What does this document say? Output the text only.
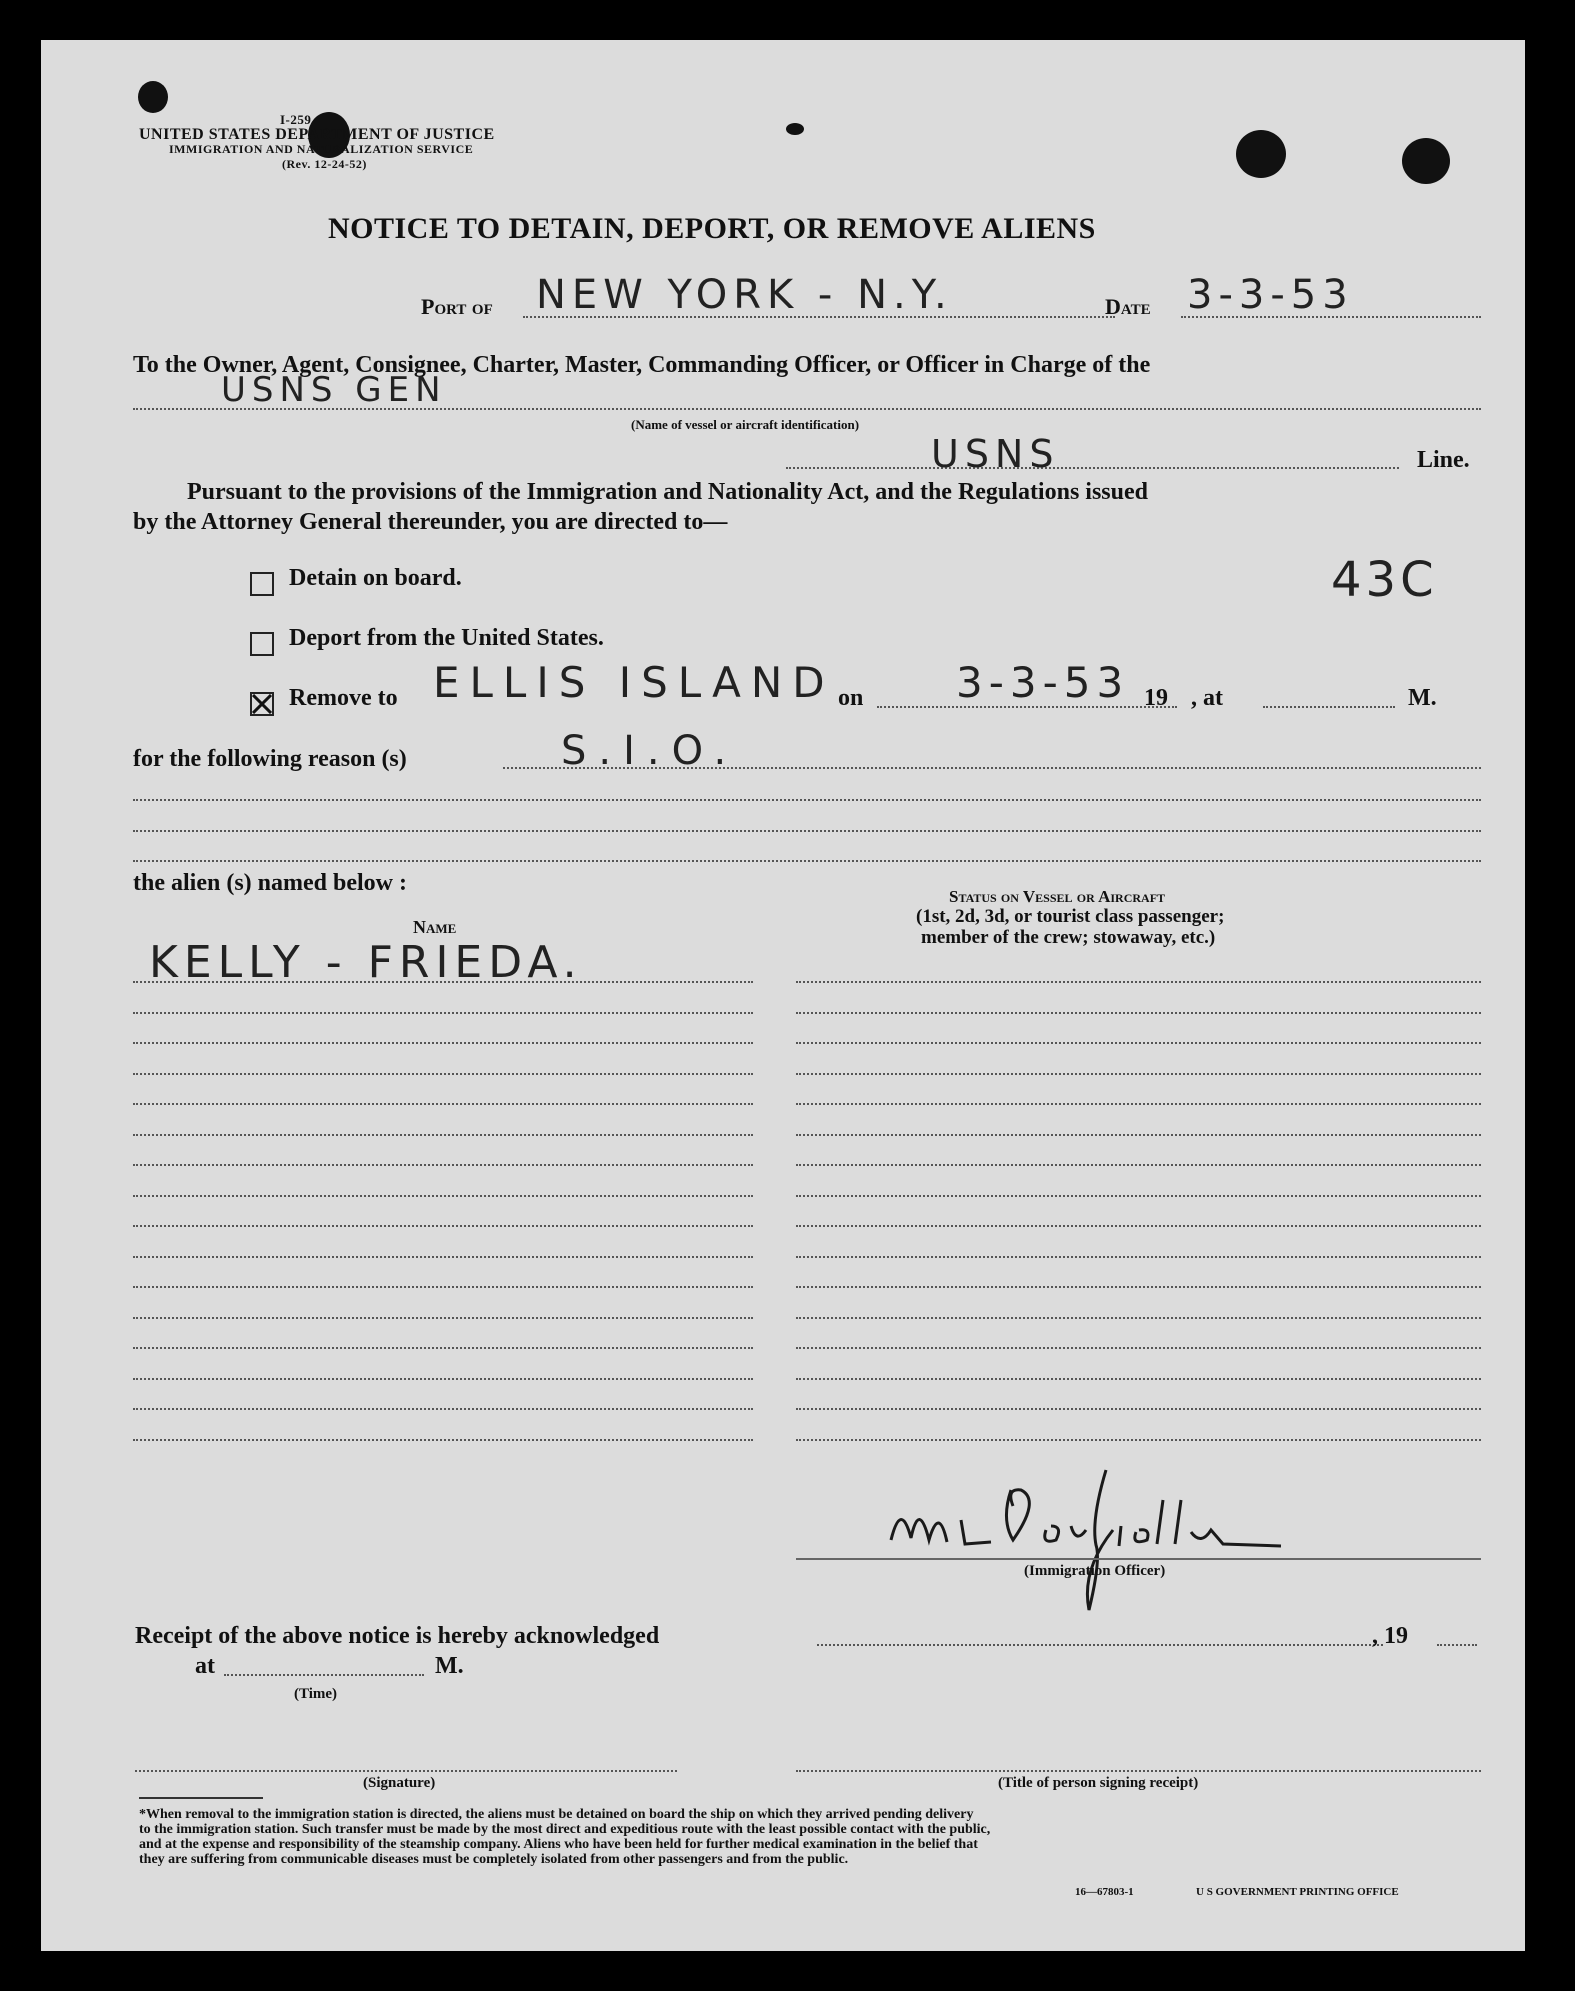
I-259
UNITED STATES DEPARTMENT OF JUSTICE
IMMIGRATION AND NATURALIZATION SERVICE
(Rev. 12-24-52)
NOTICE TO DETAIN, DEPORT, OR REMOVE ALIENS
Port of NEW YORK - N.Y.	Date 3-3-53
To the Owner, Agent, Consignee, Charter, Master, Commanding Officer, or Officer in Charge of the
USNS GEN
(Name of vessel or aircraft identification)
USNS	Line.
Pursuant to the provisions of the Immigration and Nationality Act, and the Regulations issued
by the Attorney General thereunder, you are directed to—
Detain on board.
Deport from the United States.
Remove to
43C
ELLIS ISLAND on 3-3-53 19 , at	M.
for the following reason (s)	S.I.O.
the alien (s) named below :
Name
Status on Vessel or Aircraft
(1st, 2d, 3d, or tourist class passenger;
member of the crew; stowaway, etc.)
KELLY - FRIEDA.
(Immigration Officer)
Receipt of the above notice is hereby acknowledged	, 19
at	M.
(Time)
(Signature)	(Title of person signing receipt)
*When removal to the immigration station is directed, the aliens must be detained on board the ship on which they arrived pending delivery
to the immigration station. Such transfer must be made by the most direct and expeditious route with the least possible contact with the public,
and at the expense and responsibility of the steamship company. Aliens who have been held for further medical examination in the belief that
they are suffering from communicable diseases must be completely isolated from other passengers and from the public.
16—67803-1	U S GOVERNMENT PRINTING OFFICE
